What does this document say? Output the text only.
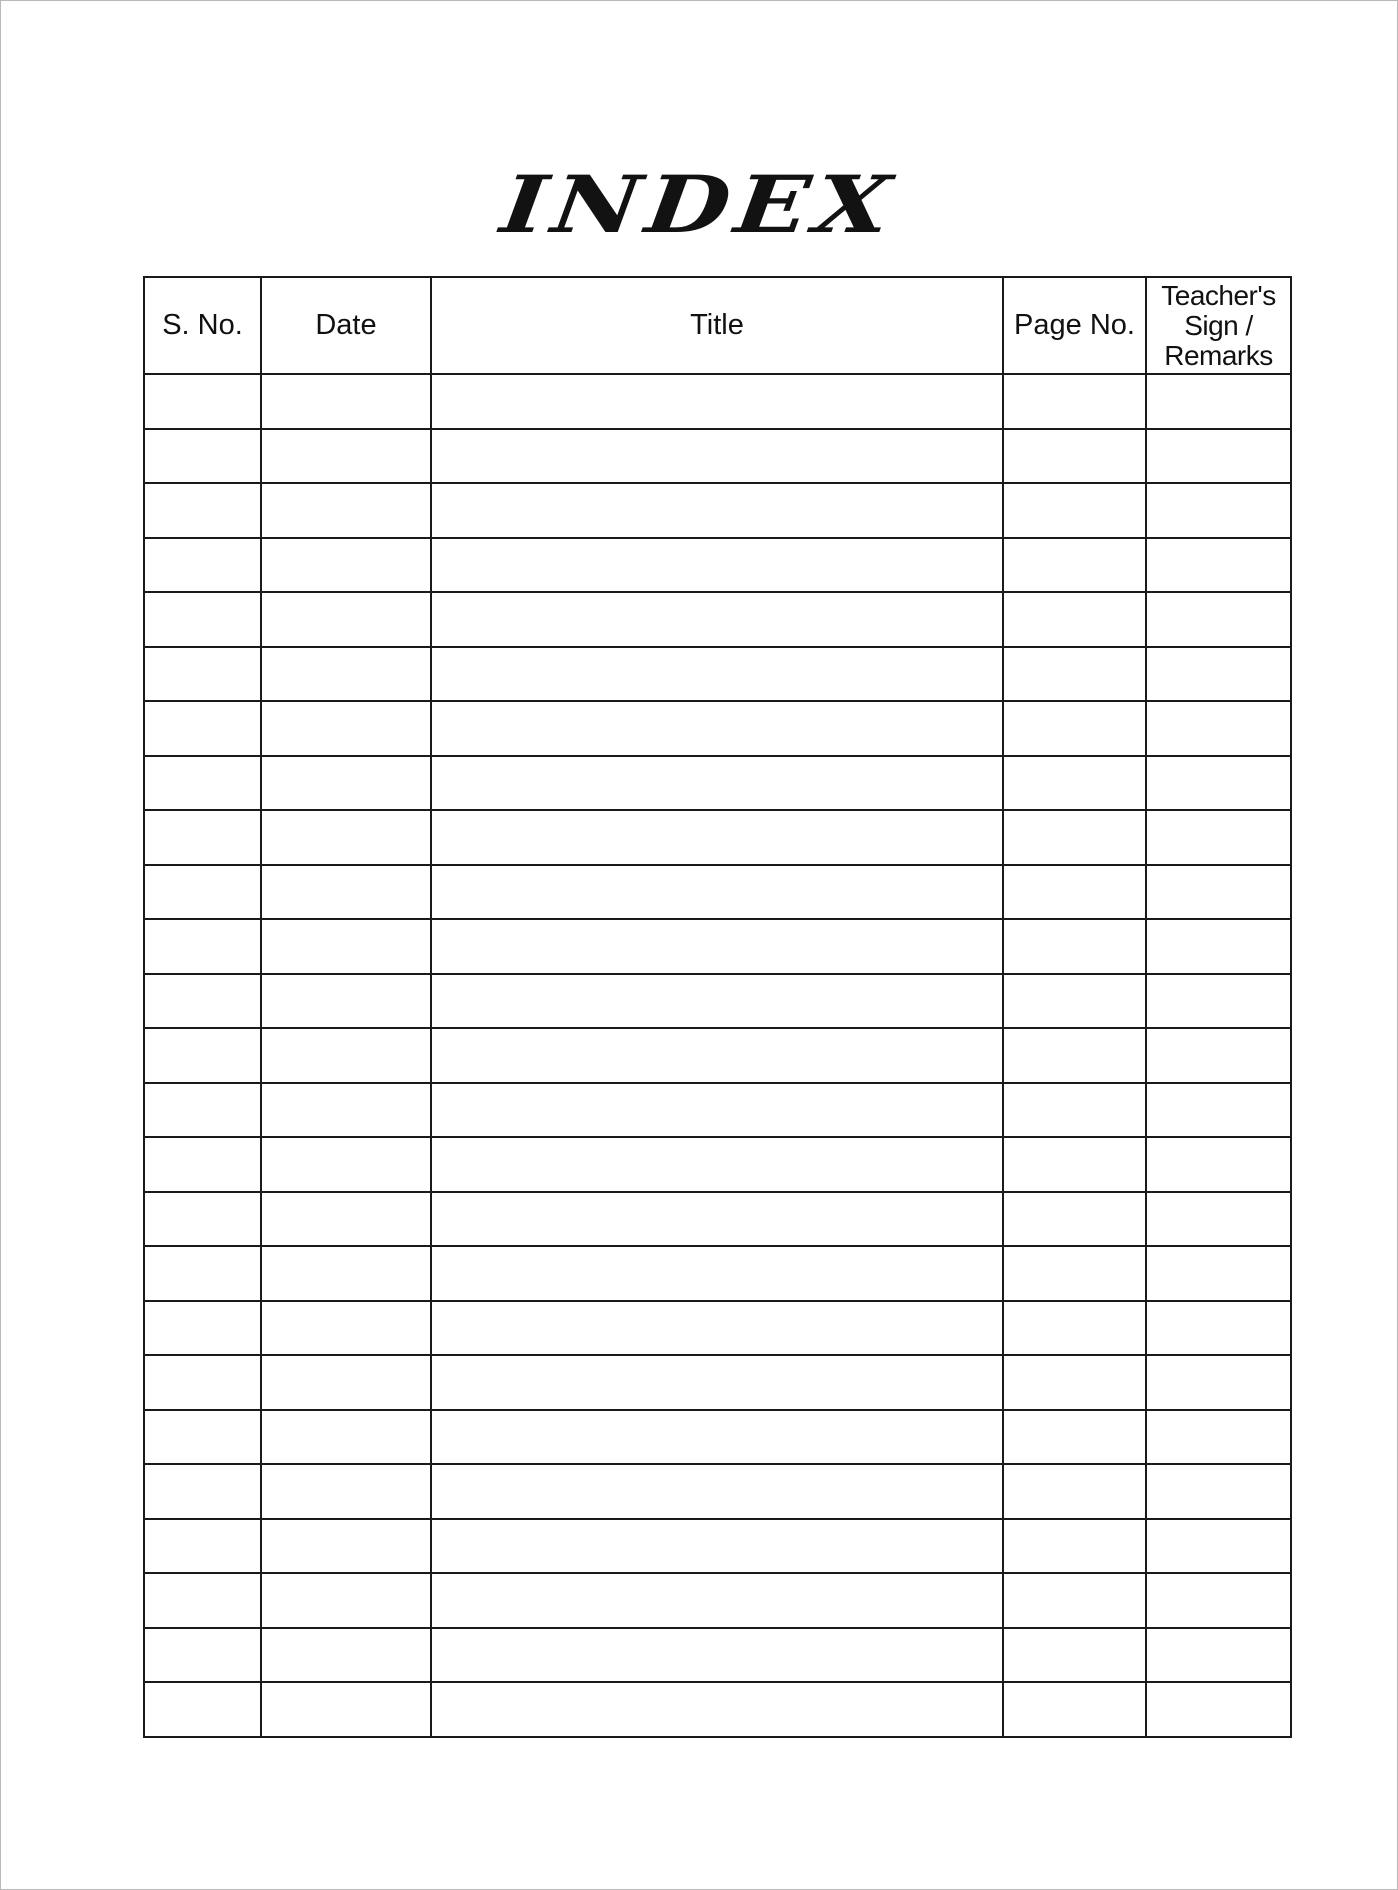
INDEX
S. No.	Date	Title	Page No.	Teacher's
Sign /
Remarks
